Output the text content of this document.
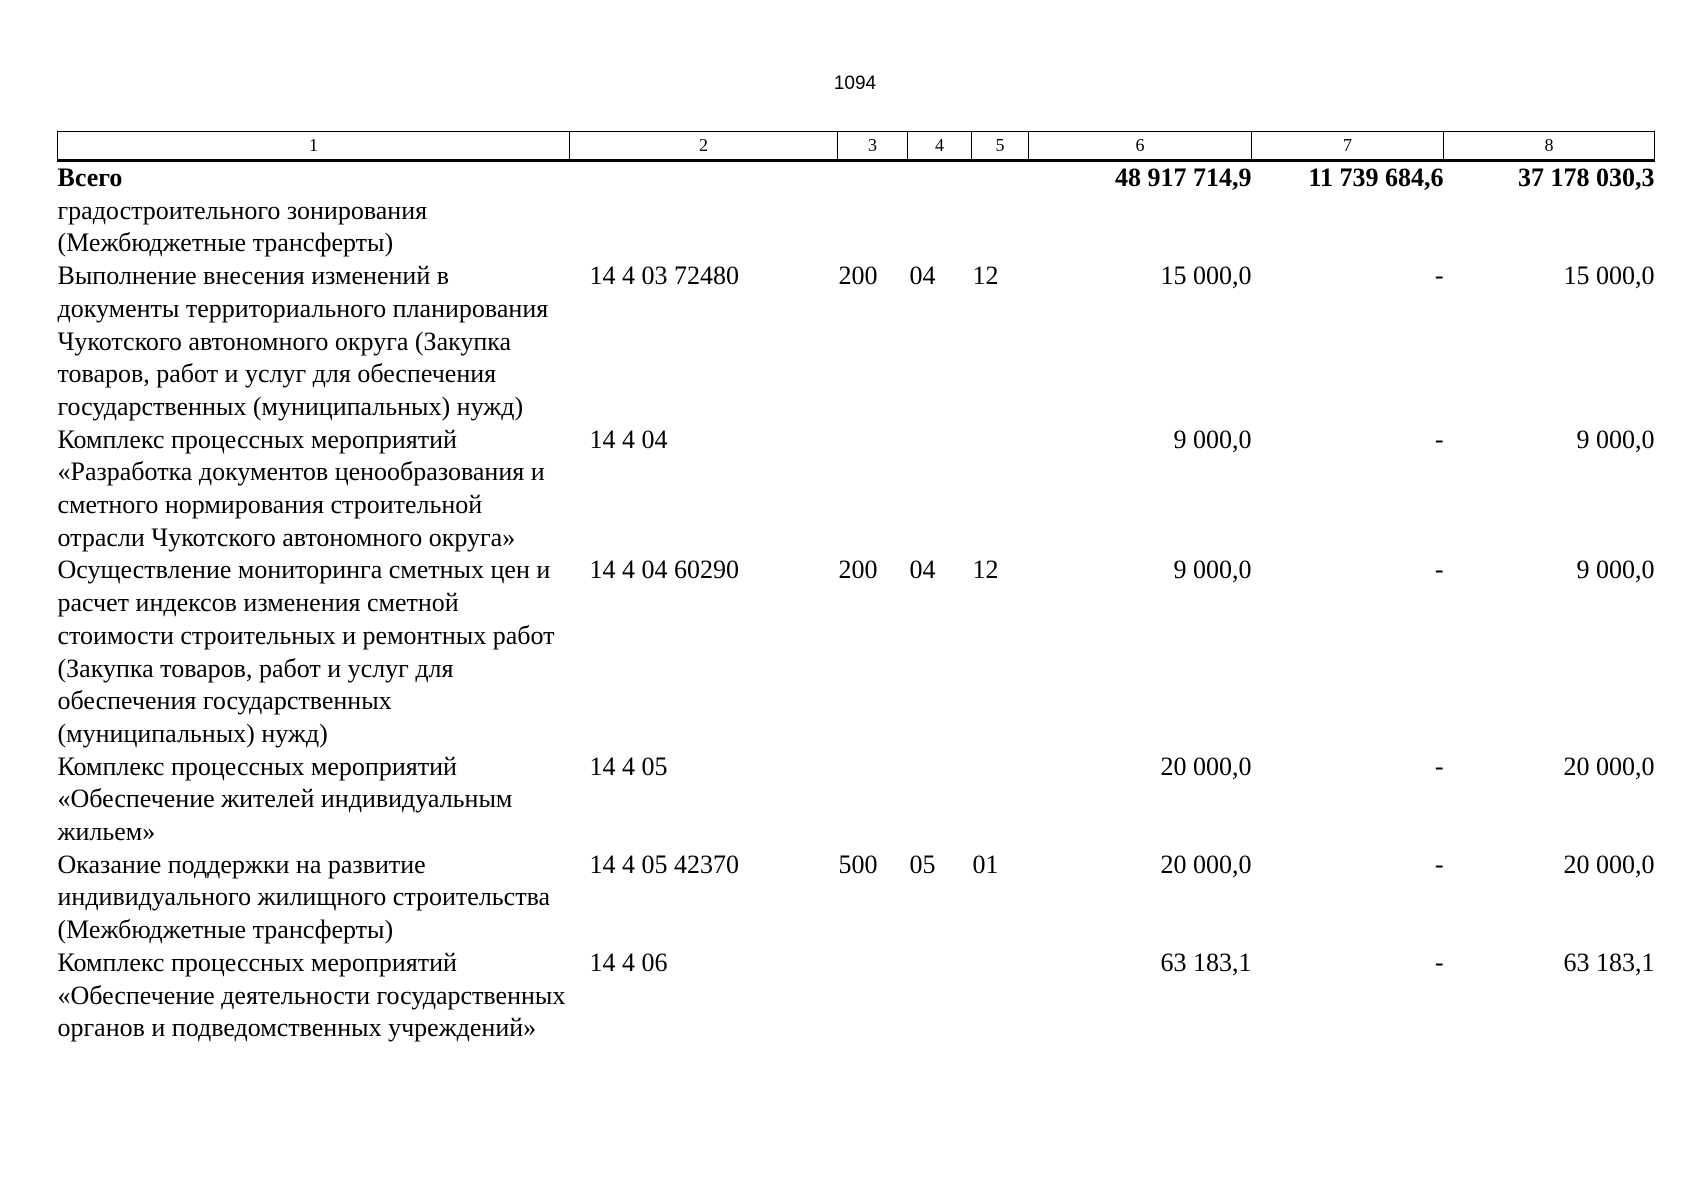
1094
1	2	3	4	5	6	7	8
Всего					48 917 714,9	11 739 684,6	37 178 030,3
градостроительного зонирования (Межбюджетные трансферты)							
Выполнение внесения изменений в документы территориального планирования Чукотского автономного округа (Закупка товаров, работ и услуг для обеспечения государственных (муниципальных) нужд)	14 4 03 72480	200	04	12	15 000,0	-	15 000,0
Комплекс процессных мероприятий «Разработка документов ценообразования и сметного нормирования строительной отрасли Чукотского автономного округа»	14 4 04				9 000,0	-	9 000,0
Осуществление мониторинга сметных цен и расчет индексов изменения сметной стоимости строительных и ремонтных работ (Закупка товаров, работ и услуг для обеспечения государственных (муниципальных) нужд)	14 4 04 60290	200	04	12	9 000,0	-	9 000,0
Комплекс процессных мероприятий «Обеспечение жителей индивидуальным жильем»	14 4 05				20 000,0	-	20 000,0
Оказание поддержки на развитие индивидуального жилищного строительства (Межбюджетные трансферты)	14 4 05 42370	500	05	01	20 000,0	-	20 000,0
Комплекс процессных мероприятий «Обеспечение деятельности государственных органов и подведомственных учреждений»	14 4 06				63 183,1	-	63 183,1
